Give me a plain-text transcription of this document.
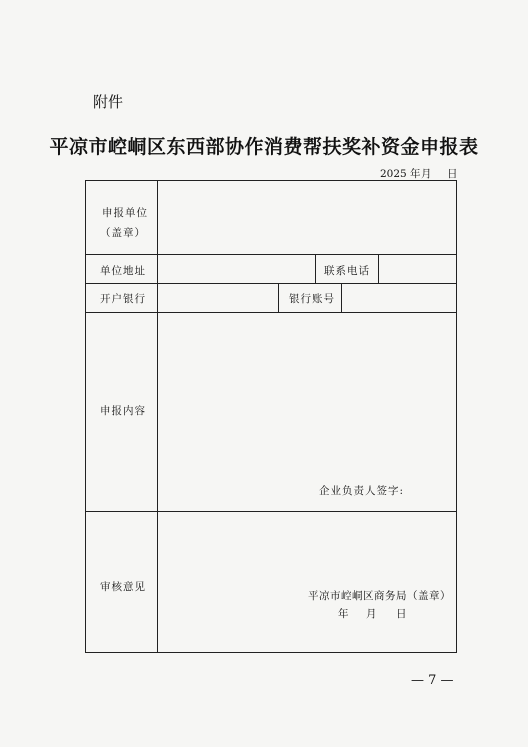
附件
平凉市崆峒区东西部协作消费帮扶奖补资金申报表
2025 年 月 日
申报单位
（盖章）
单位地址	联系电话
开户银行	银行账号
申报内容
企业负责人签字:
审核意见
平凉市崆峒区商务局（盖章）
年 月 日
— 7 —
